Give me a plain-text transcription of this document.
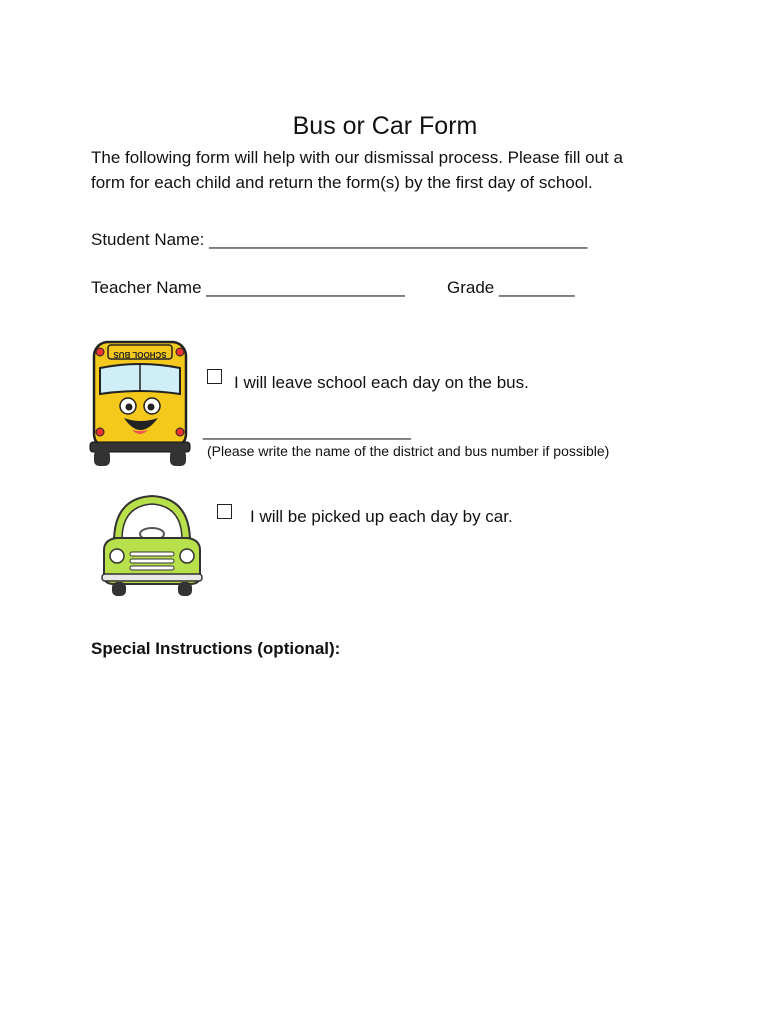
Bus or Car Form
The following form will help with our dismissal process. Please fill out a
form for each child and return the form(s) by the first day of school.
Student Name: ________________________________________
Teacher Name _____________________ Grade ________
SCHOOL BUS
I will leave school each day on the bus.
______________________
(Please write the name of the district and bus number if possible)
I will be picked up each day by car.
Special Instructions (optional):
